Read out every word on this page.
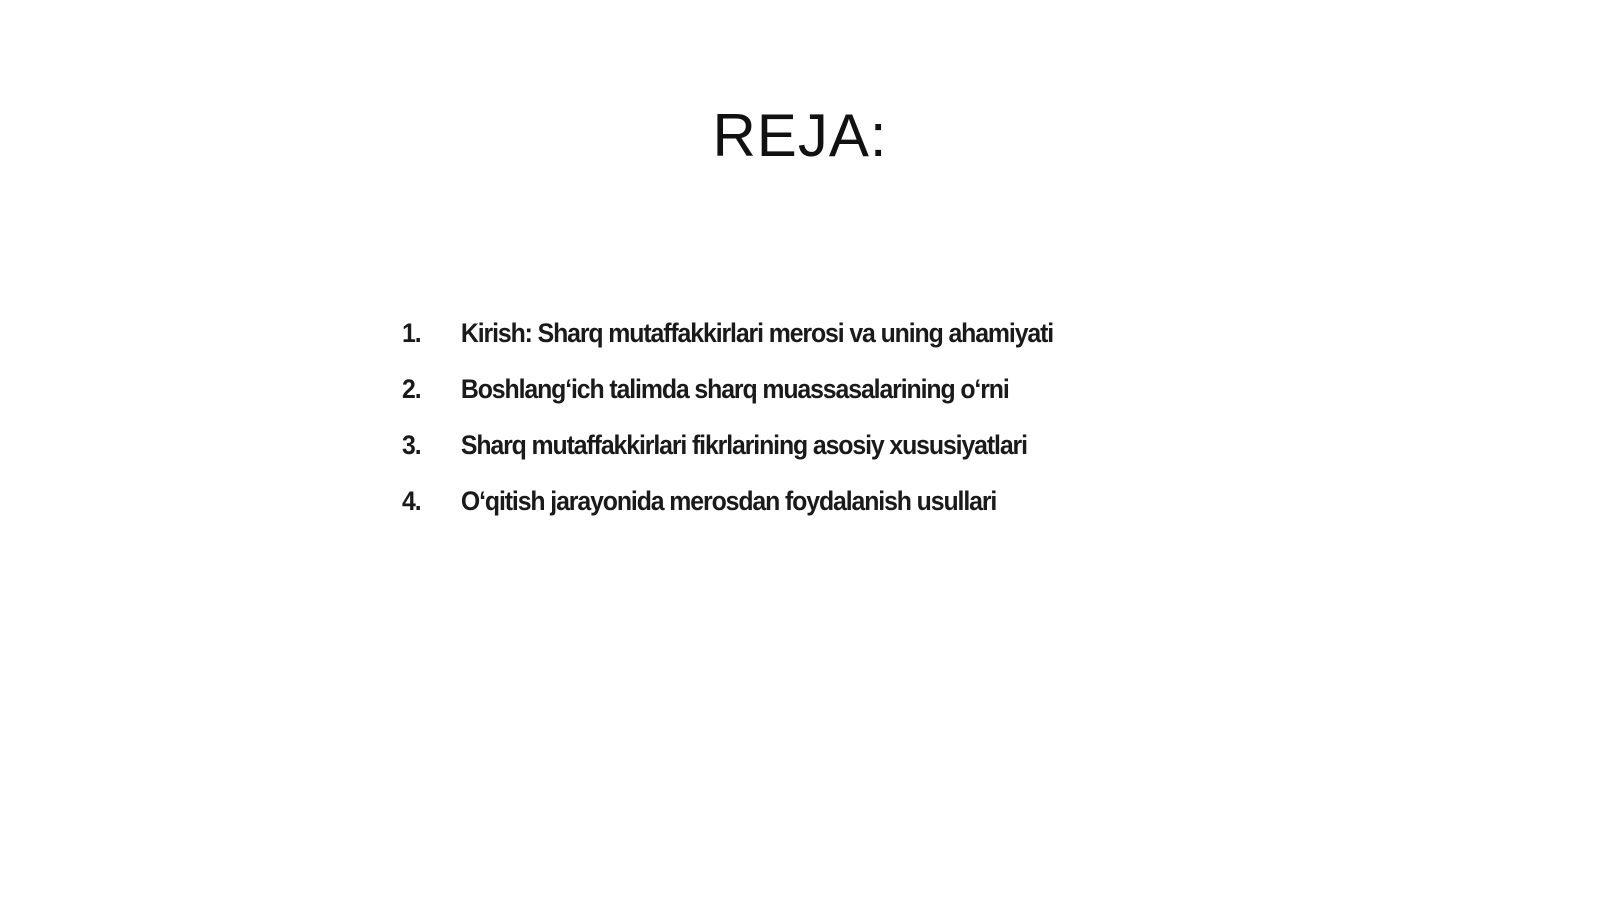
REJA:
1.	Kirish: Sharq mutaffakkirlari merosi va uning ahamiyati
2.	Boshlangʻich talimda sharq muassasalarining oʻrni
3.	Sharq mutaffakkirlari fikrlarining asosiy xususiyatlari
4.	Oʻqitish jarayonida merosdan foydalanish usullari
